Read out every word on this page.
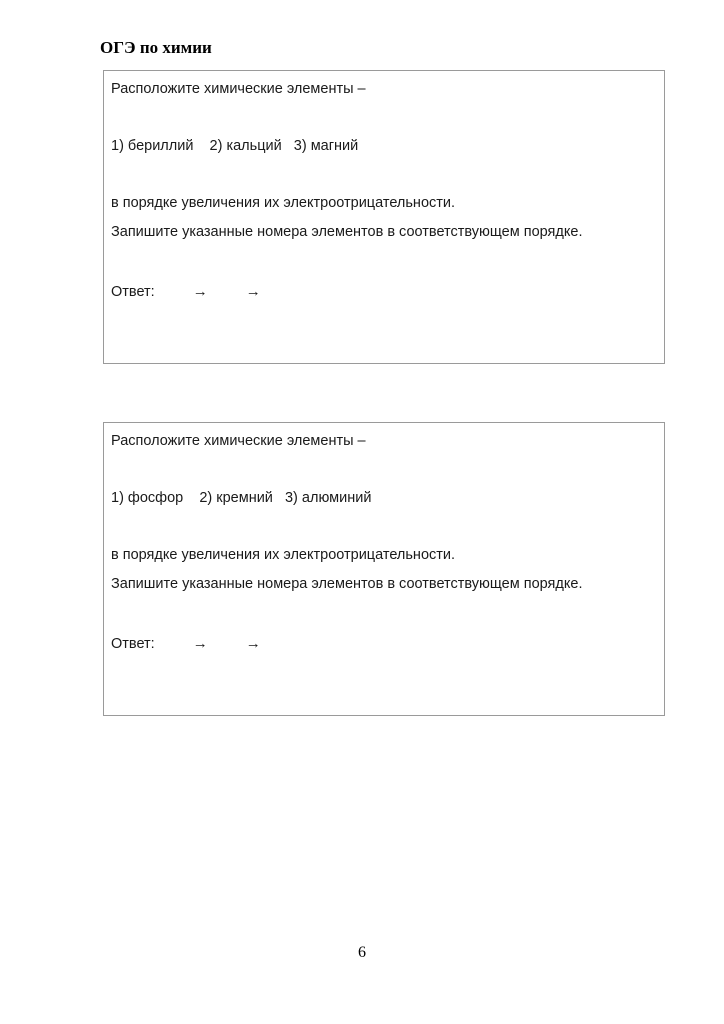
ОГЭ по химии

Расположите химические элементы –

1) бериллий    2) кальций   3) магний

в порядке увеличения их электроотрицательности.

Запишите указанные номера элементов в соответствующем порядке.

Ответ:	→	→

Расположите химические элементы –

1) фосфор    2) кремний   3) алюминий

в порядке увеличения их электроотрицательности.

Запишите указанные номера элементов в соответствующем порядке.

Ответ:	→	→

6
